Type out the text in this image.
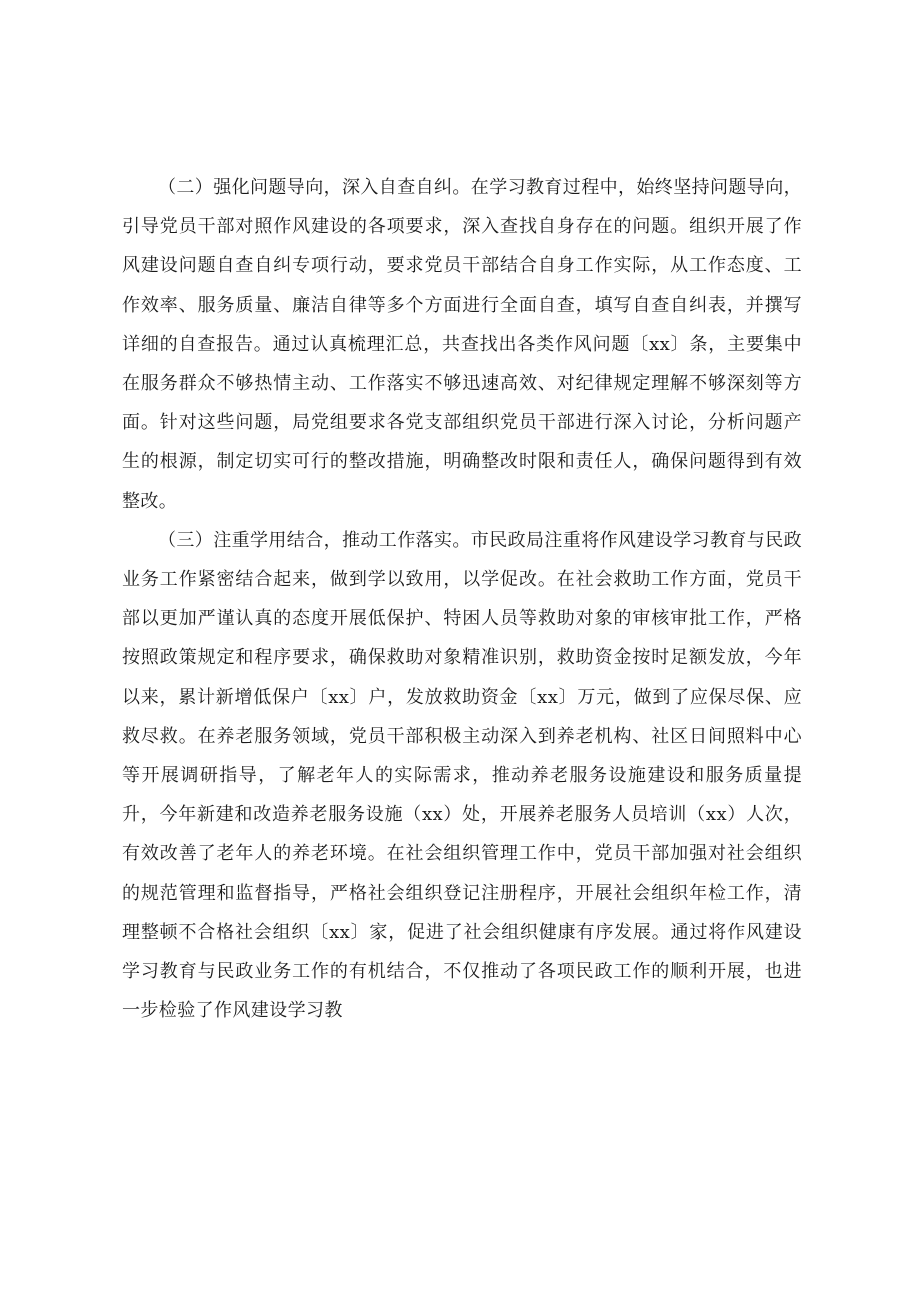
（二）强化问题导向，深入自查自纠。在学习教育过程中，始终坚持问题导向，引导党员干部对照作风建设的各项要求，深入查找自身存在的问题。组织开展了作风建设问题自查自纠专项行动，要求党员干部结合自身工作实际，从工作态度、工作效率、服务质量、廉洁自律等多个方面进行全面自查，填写自查自纠表，并撰写详细的自查报告。通过认真梳理汇总，共查找出各类作风问题〔xx〕条，主要集中在服务群众不够热情主动、工作落实不够迅速高效、对纪律规定理解不够深刻等方面。针对这些问题，局党组要求各党支部组织党员干部进行深入讨论，分析问题产生的根源，制定切实可行的整改措施，明确整改时限和责任人，确保问题得到有效整改。

（三）注重学用结合，推动工作落实。市民政局注重将作风建设学习教育与民政业务工作紧密结合起来，做到学以致用，以学促改。在社会救助工作方面，党员干部以更加严谨认真的态度开展低保护、特困人员等救助对象的审核审批工作，严格按照政策规定和程序要求，确保救助对象精准识别，救助资金按时足额发放，今年以来，累计新增低保户〔xx〕户，发放救助资金〔xx〕万元，做到了应保尽保、应救尽救。在养老服务领域，党员干部积极主动深入到养老机构、社区日间照料中心等开展调研指导，了解老年人的实际需求，推动养老服务设施建设和服务质量提升，今年新建和改造养老服务设施（xx）处，开展养老服务人员培训（xx）人次，有效改善了老年人的养老环境。在社会组织管理工作中，党员干部加强对社会组织的规范管理和监督指导，严格社会组织登记注册程序，开展社会组织年检工作，清理整顿不合格社会组织〔xx〕家，促进了社会组织健康有序发展。通过将作风建设学习教育与民政业务工作的有机结合，不仅推动了各项民政工作的顺利开展，也进一步检验了作风建设学习教
